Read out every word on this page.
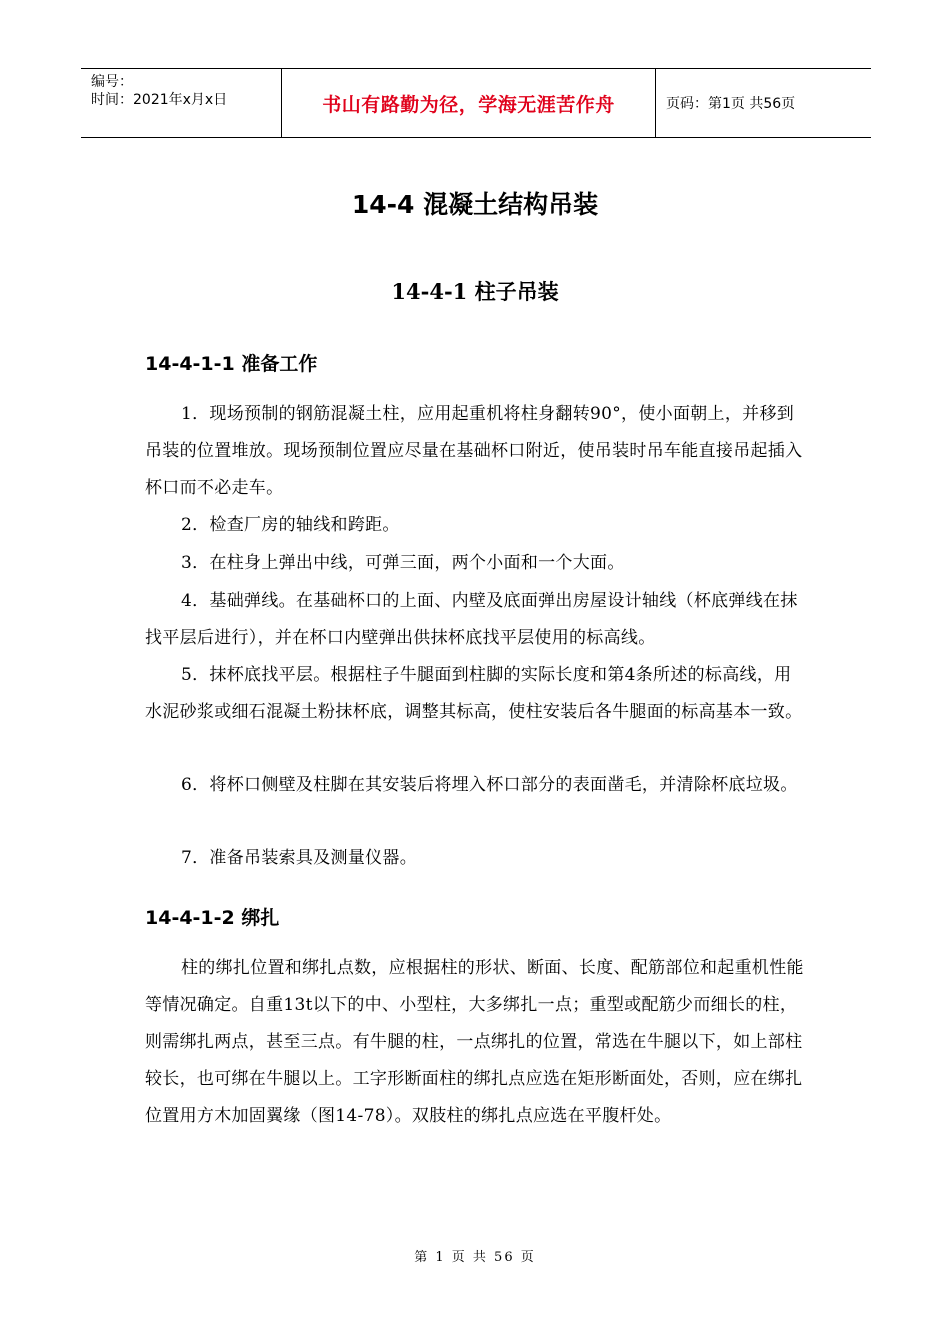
编号：
时间：2021年x月x日	书山有路勤为径，学海无涯苦作舟	页码：第1页 共56页
14-4 混凝土结构吊装
14-4-1 柱子吊装
14-4-1-1 准备工作

1．现场预制的钢筋混凝土柱，应用起重机将柱身翻转90°，使小面朝上，并移到吊装的位置堆放。现场预制位置应尽量在基础杯口附近，使吊装时吊车能直接吊起插入杯口而不必走车。

2．检查厂房的轴线和跨距。

3．在柱身上弹出中线，可弹三面，两个小面和一个大面。

4．基础弹线。在基础杯口的上面、内壁及底面弹出房屋设计轴线（杯底弹线在抹找平层后进行），并在杯口内壁弹出供抹杯底找平层使用的标高线。

5．抹杯底找平层。根据柱子牛腿面到柱脚的实际长度和第4条所述的标高线，用水泥砂浆或细石混凝土粉抹杯底，调整其标高，使柱安装后各牛腿面的标高基本一致。

6．将杯口侧壁及柱脚在其安装后将埋入杯口部分的表面凿毛，并清除杯底垃圾。

7．准备吊装索具及测量仪器。

14-4-1-2 绑扎

柱的绑扎位置和绑扎点数，应根据柱的形状、断面、长度、配筋部位和起重机性能等情况确定。自重13t以下的中、小型柱，大多绑扎一点；重型或配筋少而细长的柱，则需绑扎两点，甚至三点。有牛腿的柱，一点绑扎的位置，常选在牛腿以下，如上部柱较长，也可绑在牛腿以上。工字形断面柱的绑扎点应选在矩形断面处，否则，应在绑扎位置用方木加固翼缘（图14-78）。双肢柱的绑扎点应选在平腹杆处。

第 1 页 共 56 页
